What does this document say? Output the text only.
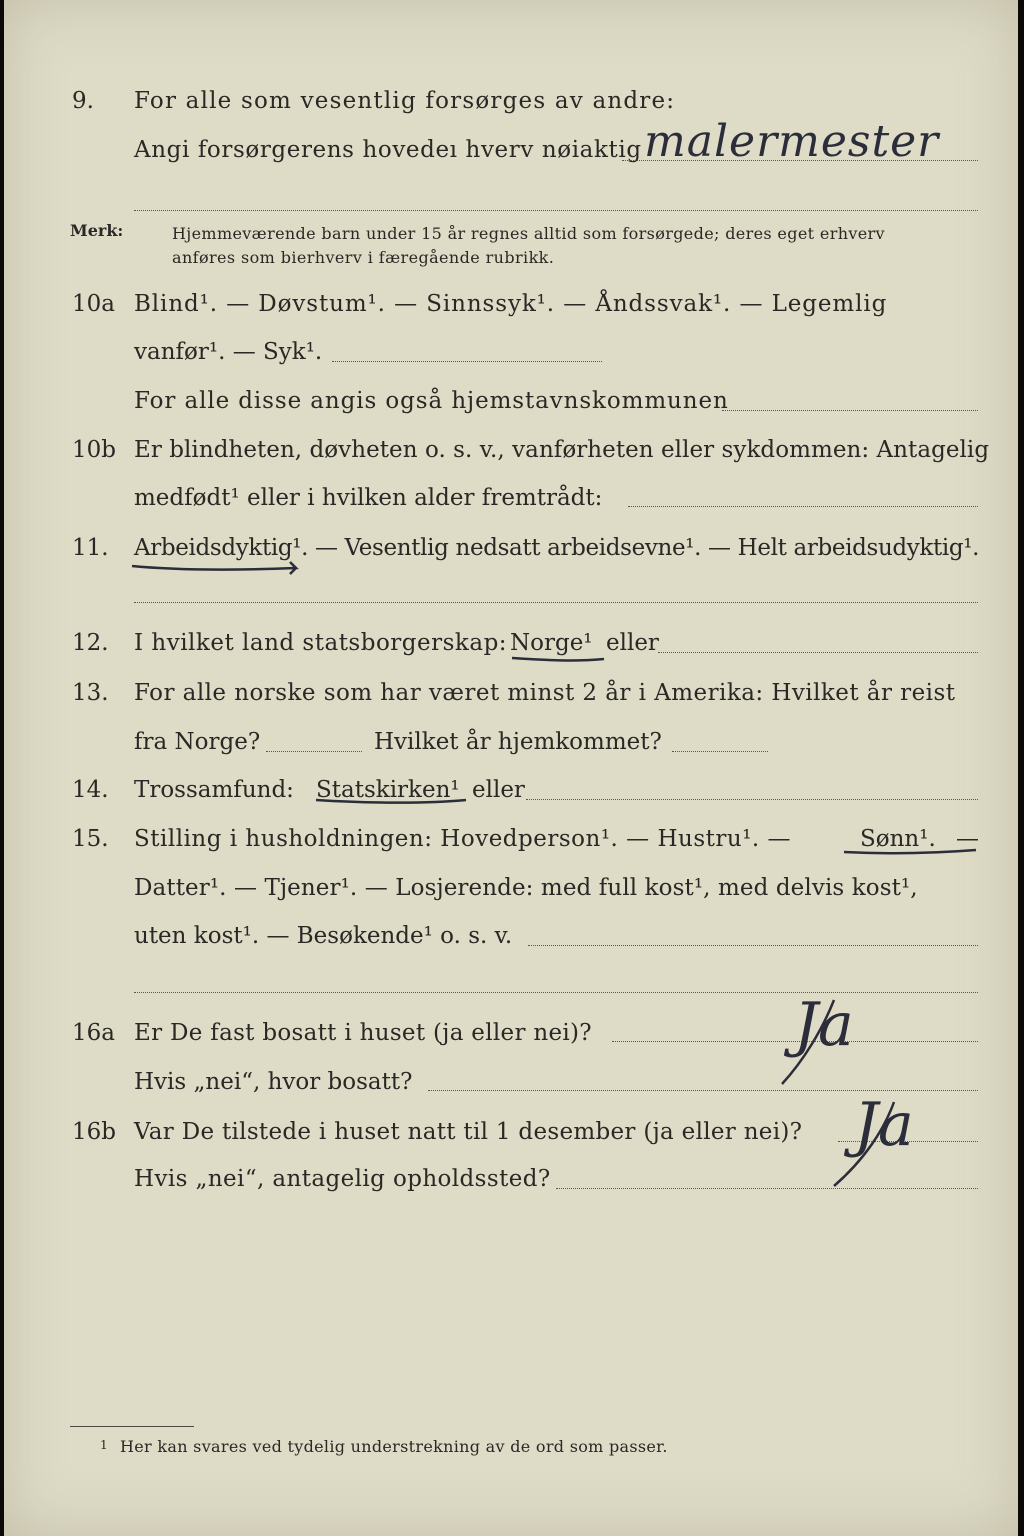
9. For alle som vesentlig forsørges av andre:
Angi forsørgerens hovedeı hverv nøiaktig malermester
Merk:	Hjemmeværende barn under 15 år regnes alltid som forsørgede; deres eget erhverv
anføres som bierhverv i færegående rubrikk.
10a Blind¹. — Døvstum¹. — Sinnssyk¹. — Åndssvak¹. — Legemlig
vanfør¹. — Syk¹.
For alle disse angis også hjemstavnskommunen
10b Er blindheten, døvheten o. s. v., vanførheten eller sykdommen: Antagelig
medfødt¹ eller i hvilken alder fremtrådt:
11. Arbeidsdyktig¹. — Vesentlig nedsatt arbeidsevne¹. — Helt arbeidsudyktig¹.
12. I hvilket land statsborgerskap: Norge¹ eller
13. For alle norske som har været minst 2 år i Amerika: Hvilket år reist
fra Norge?	Hvilket år hjemkommet?
14. Trossamfund: Statskirken¹ eller
15. Stilling i husholdningen: Hovedperson¹. — Hustru¹. —	Sønn¹. —
Datter¹. — Tjener¹. — Losjerende: med full kost¹, med delvis kost¹,
uten kost¹. — Besøkende¹ o. s. v.
16a Er De fast bosatt i huset (ja eller nei)?	Ja
Hvis „nei“, hvor bosatt?
16b Var De tilstede i huset natt til 1 desember (ja eller nei)? Ja
Hvis „nei“, antagelig opholdssted?
1 Her kan svares ved tydelig understrekning av de ord som passer.
